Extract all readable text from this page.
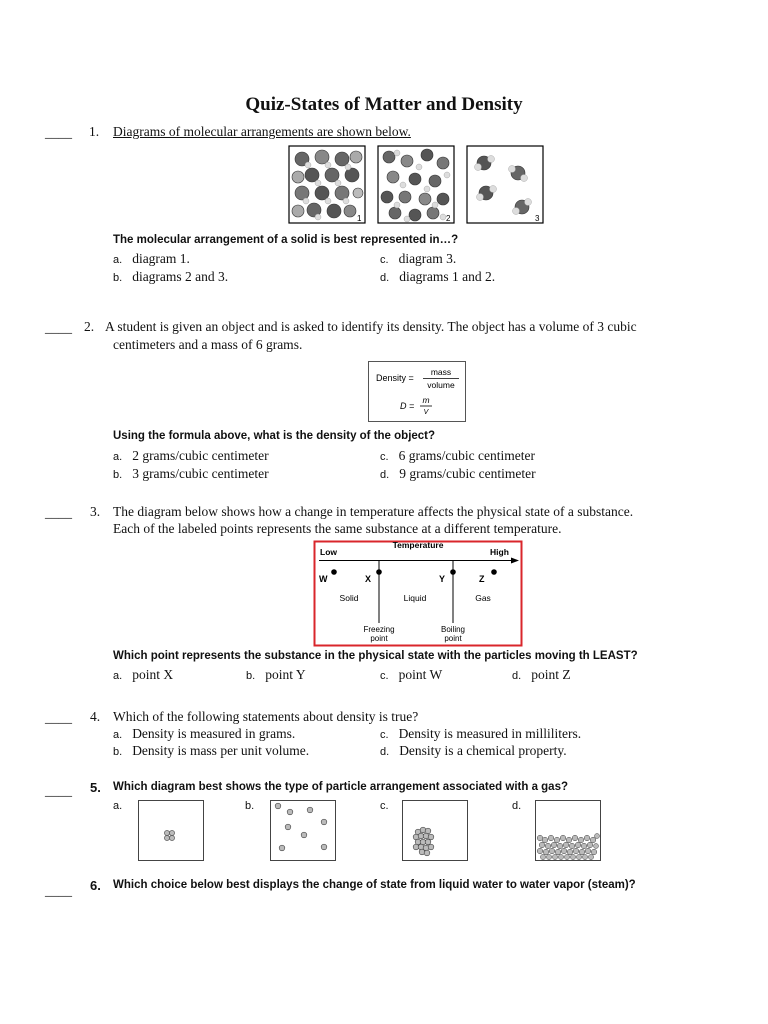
Quiz-States of Matter and Density
____ 1. Diagrams of molecular arrangements are shown below.
1	2	3
The molecular arrangement of a solid is best represented in…?
a. diagram 1.	c. diagram 3.
b. diagrams 2 and 3.	d. diagrams 1 and 2.
____ 2. A student is given an object and is asked to identify its density. The object has a volume of 3 cubic
centimeters and a mass of 6 grams.
Density =
mass
volume
D =
m
V
Using the formula above, what is the density of the object?
a. 2 grams/cubic centimeter	c. 6 grams/cubic centimeter
b. 3 grams/cubic centimeter	d. 9 grams/cubic centimeter
____ 3. The diagram below shows how a change in temperature affects the physical state of a substance.
Each of the labeled points represents the same substance at a different temperature.
Low
Temperature
High
W	X	Y	Z
Solid	Liquid	Gas
Freezing
point
Boiling
point
Which point represents the substance in the physical state with the particles moving th LEAST?
a. point X	b. point Y	c. point W	d. point Z
____ 4. Which of the following statements about density is true?
a. Density is measured in grams.	c. Density is measured in milliliters.
b. Density is mass per unit volume.	d. Density is a chemical property.
____ 5. Which diagram best shows the type of particle arrangement associated with a gas?
a.	b.	c.	d.
____ 6. Which choice below best displays the change of state from liquid water to water vapor (steam)?
